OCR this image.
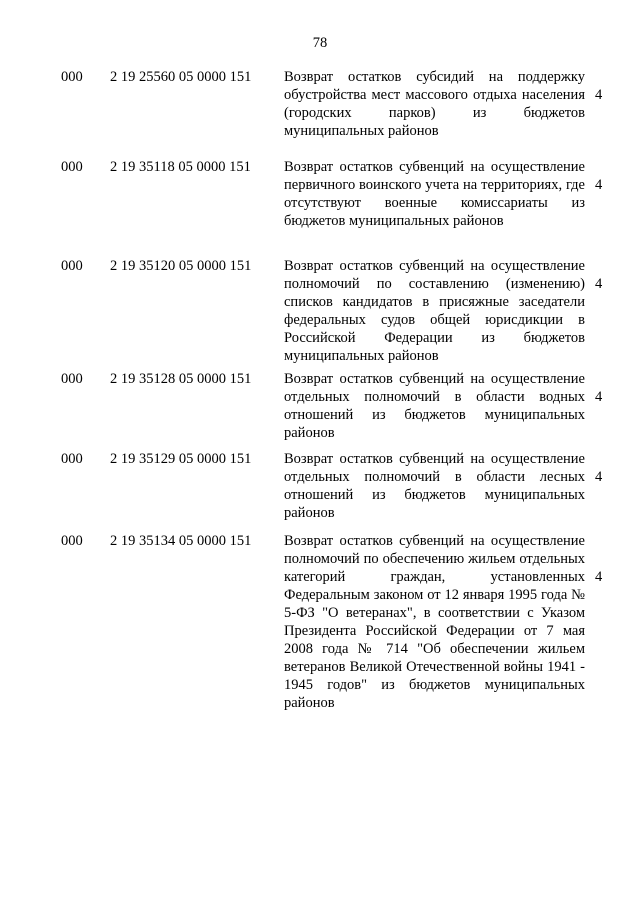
78
000 2 19 25560 05 0000 151 Возврат остатков субсидий на поддержку обустройства мест массового отдыха населения (городских парков) из бюджетов муниципальных районов
4
000 2 19 35118 05 0000 151 Возврат остатков субвенций на осуществление первичного воинского учета на территориях, где отсутствуют военные комиссариаты из бюджетов муниципальных районов
4
000 2 19 35120 05 0000 151 Возврат остатков субвенций на осуществление полномочий по составлению (изменению) списков кандидатов в присяжные заседатели федеральных судов общей юрисдикции в Российской Федерации из бюджетов муниципальных районов
4
000 2 19 35128 05 0000 151 Возврат остатков субвенций на осуществление отдельных полномочий в области водных отношений из бюджетов муниципальных районов
4
000 2 19 35129 05 0000 151 Возврат остатков субвенций на осуществление отдельных полномочий в области лесных отношений из бюджетов муниципальных районов
4
000 2 19 35134 05 0000 151 Возврат остатков субвенций на осуществление полномочий по обеспечению жильем отдельных категорий граждан, установленных Федеральным законом от 12 января 1995 года № 5-ФЗ "О ветеранах", в соответствии с Указом Президента Российской Федерации от 7 мая 2008 года № 714 "Об обеспечении жильем ветеранов Великой Отечественной войны 1941 - 1945 годов" из бюджетов муниципальных районов
4
